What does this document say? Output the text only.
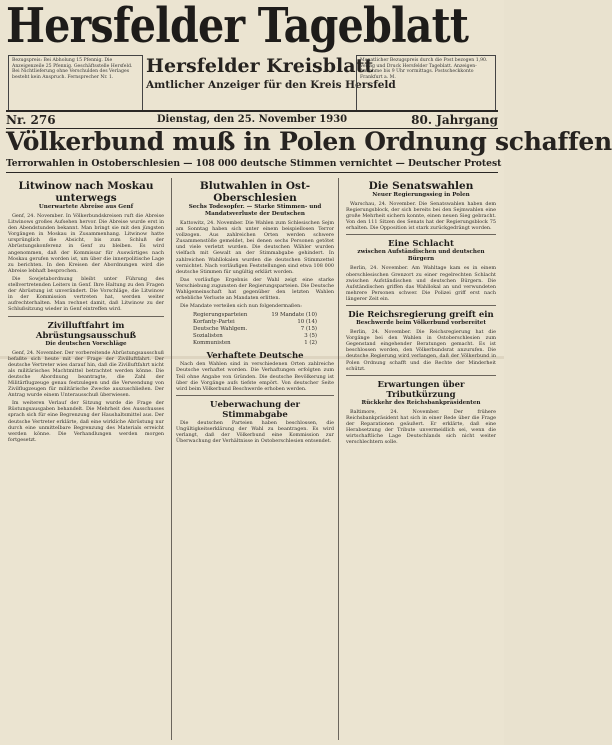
Hersfelder Tageblatt
Bezugspreis: Bei Abholung 15 Pfennig. Die Anzeigenzeile 25 Pfennig. Geschäftsstelle Hersfeld. Bei Nichtlieferung ohne Verschulden des Verlages besteht kein Anspruch. Fernsprecher Nr. 1.
Hersfelder Kreisblatt
Amtlicher Anzeiger für den Kreis Hersfeld
Monatlicher Bezugspreis durch die Post bezogen 1,90. Verlag und Druck Hersfelder Tageblatt. Anzeigen-Annahme bis 9 Uhr vormittags. Postscheckkonto Frankfurt a. M.
Nr. 276	Dienstag, den 25. November 1930	80. Jahrgang
Völkerbund muß in Polen Ordnung schaffen
Terrorwahlen in Ostoberschlesien — 108 000 deutsche Stimmen vernichtet — Deutscher Protest
Litwinow nach Moskau unterwegs
Unerwartete Abreise aus Genf

Genf, 24. November. In Völkerbundskreisen ruft die Abreise Litwinows großes Aufsehen hervor. Die Abreise wurde erst in den Abendstunden bekannt. Man bringt sie mit den jüngsten Vorgängen in Moskau in Zusammenhang. Litwinow hatte ursprünglich die Absicht, bis zum Schluß der Abrüstungskonferenz in Genf zu bleiben. Es wird angenommen, daß der Kommissar für Auswärtiges nach Moskau gerufen worden ist, um über die innerpolitische Lage zu berichten. In den Kreisen der Abordnungen wird die Abreise lebhaft besprochen.

Die Sowjetabordnung bleibt unter Führung des stellvertretenden Leiters in Genf. Ihre Haltung zu den Fragen der Abrüstung ist unverändert. Die Vorschläge, die Litwinow in der Kommission vertreten hat, werden weiter aufrechterhalten. Man rechnet damit, daß Litwinow zu der Schlußsitzung wieder in Genf eintreffen wird.

Zivilluftfahrt im Abrüstungsausschuß
Die deutschen Vorschläge

Genf, 24. November. Der vorbereitende Abrüstungsausschuß befaßte sich heute mit der Frage der Zivilluftfahrt. Der deutsche Vertreter wies darauf hin, daß die Zivilluftfahrt nicht als militärisches Machtmittel betrachtet werden könne. Die deutsche Abordnung beantragte, die Zahl der Militärflugzeuge genau festzulegen und die Verwendung von Zivilflugzeugen für militärische Zwecke auszuschließen. Der Antrag wurde einem Unterausschuß überwiesen.

Im weiteren Verlauf der Sitzung wurde die Frage der Rüstungsausgaben behandelt. Die Mehrheit des Ausschusses sprach sich für eine Begrenzung der Haushaltsmittel aus. Der deutsche Vertreter erklärte, daß eine wirkliche Abrüstung nur durch eine unmittelbare Begrenzung des Materials erreicht werden könne. Die Verhandlungen werden morgen fortgesetzt.

Blutwahlen in Ost-Oberschlesien
Sechs Todesopfer. — Starke Stimmen- und Mandatsverluste der Deutschen

Kattowitz, 24. November. Die Wahlen zum Schlesischen Sejm am Sonntag haben sich unter einem beispiellosen Terror vollzogen. Aus zahlreichen Orten werden schwere Zusammenstöße gemeldet, bei denen sechs Personen getötet und viele verletzt wurden. Die deutschen Wähler wurden vielfach mit Gewalt an der Stimmabgabe gehindert. In zahlreichen Wahllokalen wurden die deutschen Stimmzettel vernichtet. Nach vorläufigen Feststellungen sind etwa 108 000 deutsche Stimmen für ungültig erklärt worden.

Das vorläufige Ergebnis der Wahl zeigt eine starke Verschiebung zugunsten der Regierungsparteien. Die Deutsche Wahlgemeinschaft hat gegenüber den letzten Wahlen erhebliche Verluste an Mandaten erlitten.

Die Mandate verteilen sich nun folgendermaßen:

Regierungsparteien	19 Mandate (10)
Korfanty-Partei	10 (14)
Deutsche Wahlgem.	7 (15)
Sozialisten	3 (5)
Kommunisten	1 (2)
Verhaftete Deutsche

Nach den Wahlen sind in verschiedenen Orten zahlreiche Deutsche verhaftet worden. Die Verhaftungen erfolgten zum Teil ohne Angabe von Gründen. Die deutsche Bevölkerung ist über die Vorgänge aufs tiefste empört. Von deutscher Seite wird beim Völkerbund Beschwerde erhoben werden.

Ueberwachung der Stimmabgabe

Die deutschen Parteien haben beschlossen, die Ungültigkeitserklärung der Wahl zu beantragen. Es wird verlangt, daß der Völkerbund eine Kommission zur Überwachung der Verhältnisse in Ostoberschlesien entsendet.

Die Senatswahlen
Neuer Regierungssieg in Polen

Warschau, 24. November. Die Senatswahlen haben dem Regierungsblock, der sich bereits bei den Sejmwahlen eine große Mehrheit sichern konnte, einen neuen Sieg gebracht. Von den 111 Sitzen des Senats hat der Regierungsblock 75 erhalten. Die Opposition ist stark zurückgedrängt worden.

Eine Schlacht
zwischen Aufständischen und deutschen Bürgern

Berlin, 24. November. Am Wahltage kam es in einem oberschlesischen Grenzort zu einer regelrechten Schlacht zwischen Aufständischen und deutschen Bürgern. Die Aufständischen griffen das Wahllokal an und verwundeten mehrere Personen schwer. Die Polizei griff erst nach längerer Zeit ein.

Die Reichsregierung greift ein
Beschwerde beim Völkerbund vorbereitet

Berlin, 24. November. Die Reichsregierung hat die Vorgänge bei den Wahlen in Ostoberschlesien zum Gegenstand eingehender Beratungen gemacht. Es ist beschlossen worden, den Völkerbundsrat anzurufen. Die deutsche Regierung wird verlangen, daß der Völkerbund in Polen Ordnung schafft und die Rechte der Minderheit schützt.

Erwartungen über Tributkürzung
Rückkehr des Reichsbankpräsidenten

Baltimore, 24. November. Der frühere Reichsbankpräsident hat sich in einer Rede über die Frage der Reparationen geäußert. Er erklärte, daß eine Herabsetzung der Tribute unvermeidlich sei, wenn die wirtschaftliche Lage Deutschlands sich nicht weiter verschlechtern solle.
